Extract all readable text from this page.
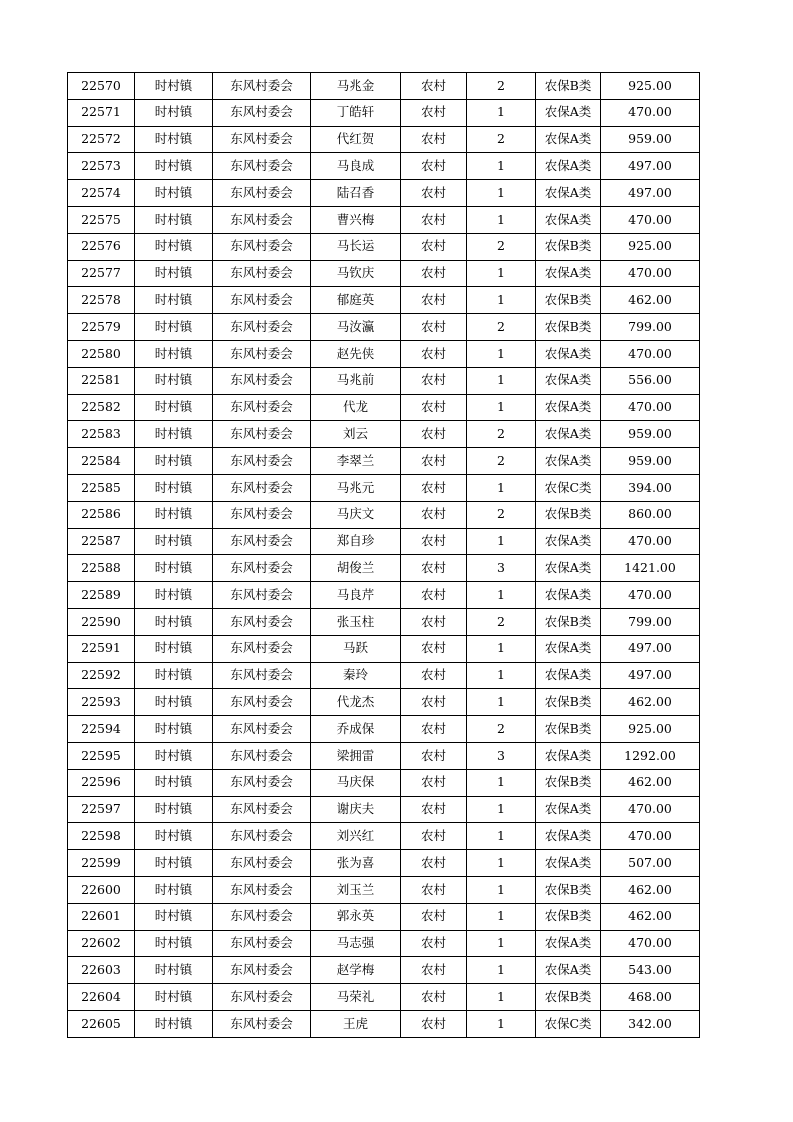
22570	时村镇	东风村委会	马兆金	农村	2	农保B类	925.00
22571	时村镇	东风村委会	丁皓轩	农村	1	农保A类	470.00
22572	时村镇	东风村委会	代红贺	农村	2	农保A类	959.00
22573	时村镇	东风村委会	马良成	农村	1	农保A类	497.00
22574	时村镇	东风村委会	陆召香	农村	1	农保A类	497.00
22575	时村镇	东风村委会	曹兴梅	农村	1	农保A类	470.00
22576	时村镇	东风村委会	马长运	农村	2	农保B类	925.00
22577	时村镇	东风村委会	马钦庆	农村	1	农保A类	470.00
22578	时村镇	东风村委会	郁庭英	农村	1	农保B类	462.00
22579	时村镇	东风村委会	马汝瀛	农村	2	农保B类	799.00
22580	时村镇	东风村委会	赵先侠	农村	1	农保A类	470.00
22581	时村镇	东风村委会	马兆前	农村	1	农保A类	556.00
22582	时村镇	东风村委会	代龙	农村	1	农保A类	470.00
22583	时村镇	东风村委会	刘云	农村	2	农保A类	959.00
22584	时村镇	东风村委会	李翠兰	农村	2	农保A类	959.00
22585	时村镇	东风村委会	马兆元	农村	1	农保C类	394.00
22586	时村镇	东风村委会	马庆文	农村	2	农保B类	860.00
22587	时村镇	东风村委会	郑自珍	农村	1	农保A类	470.00
22588	时村镇	东风村委会	胡俊兰	农村	3	农保A类	1421.00
22589	时村镇	东风村委会	马良芹	农村	1	农保A类	470.00
22590	时村镇	东风村委会	张玉柱	农村	2	农保B类	799.00
22591	时村镇	东风村委会	马跃	农村	1	农保A类	497.00
22592	时村镇	东风村委会	秦玲	农村	1	农保A类	497.00
22593	时村镇	东风村委会	代龙杰	农村	1	农保B类	462.00
22594	时村镇	东风村委会	乔成保	农村	2	农保B类	925.00
22595	时村镇	东风村委会	梁拥雷	农村	3	农保A类	1292.00
22596	时村镇	东风村委会	马庆保	农村	1	农保B类	462.00
22597	时村镇	东风村委会	谢庆夫	农村	1	农保A类	470.00
22598	时村镇	东风村委会	刘兴红	农村	1	农保A类	470.00
22599	时村镇	东风村委会	张为喜	农村	1	农保A类	507.00
22600	时村镇	东风村委会	刘玉兰	农村	1	农保B类	462.00
22601	时村镇	东风村委会	郭永英	农村	1	农保B类	462.00
22602	时村镇	东风村委会	马志强	农村	1	农保A类	470.00
22603	时村镇	东风村委会	赵学梅	农村	1	农保A类	543.00
22604	时村镇	东风村委会	马荣礼	农村	1	农保B类	468.00
22605	时村镇	东风村委会	王虎	农村	1	农保C类	342.00
